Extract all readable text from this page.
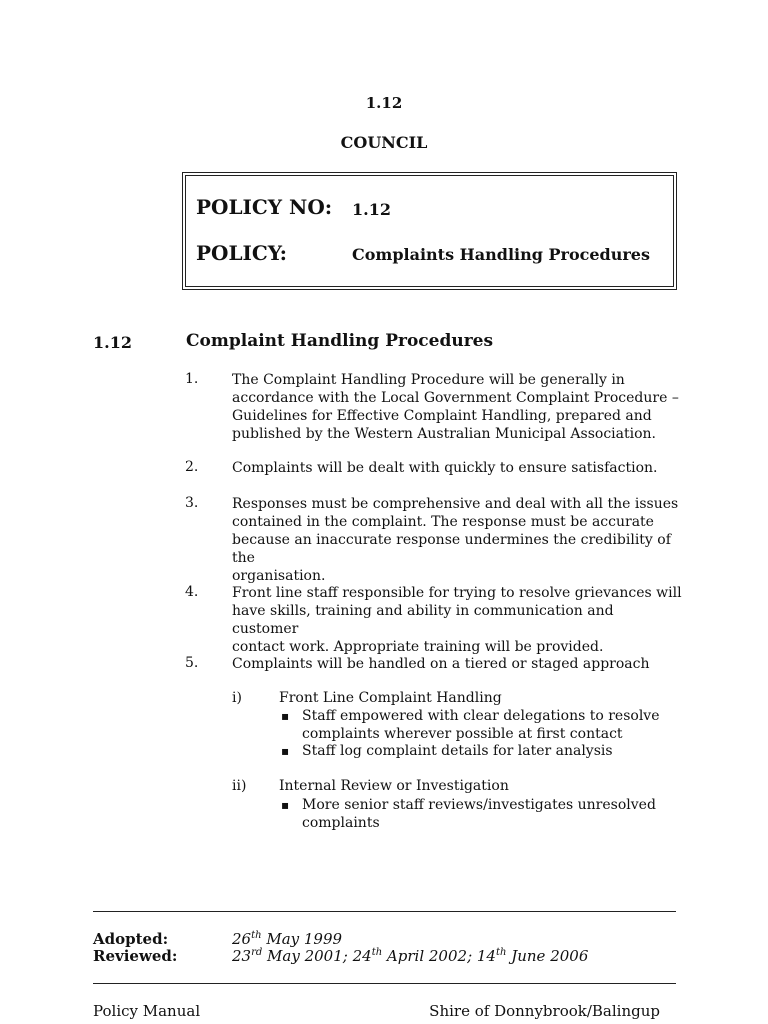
1.12
COUNCIL
POLICY NO: 1.12
POLICY:	Complaints Handling Procedures
1.12	Complaint Handling Procedures
1. The Complaint Handling Procedure will be generally in
accordance with the Local Government Complaint Procedure –
Guidelines for Effective Complaint Handling, prepared and
published by the Western Australian Municipal Association.
2. Complaints will be dealt with quickly to ensure satisfaction.
3. Responses must be comprehensive and deal with all the issues
contained in the complaint. The response must be accurate
because an inaccurate response undermines the credibility of the
organisation.
4. Front line staff responsible for trying to resolve grievances will
have skills, training and ability in communication and customer
contact work. Appropriate training will be provided.
5. Complaints will be handled on a tiered or staged approach
i)	Front Line Complaint Handling
▪ Staff empowered with clear delegations to resolve
complaints wherever possible at first contact
▪ Staff log complaint details for later analysis
ii) Internal Review or Investigation
▪ More senior staff reviews/investigates unresolved
complaints
Adopted:	26th May 1999
Reviewed:	23rd May 2001; 24th April 2002; 14th June 2006
Policy Manual	Shire of Donnybrook/Balingup
